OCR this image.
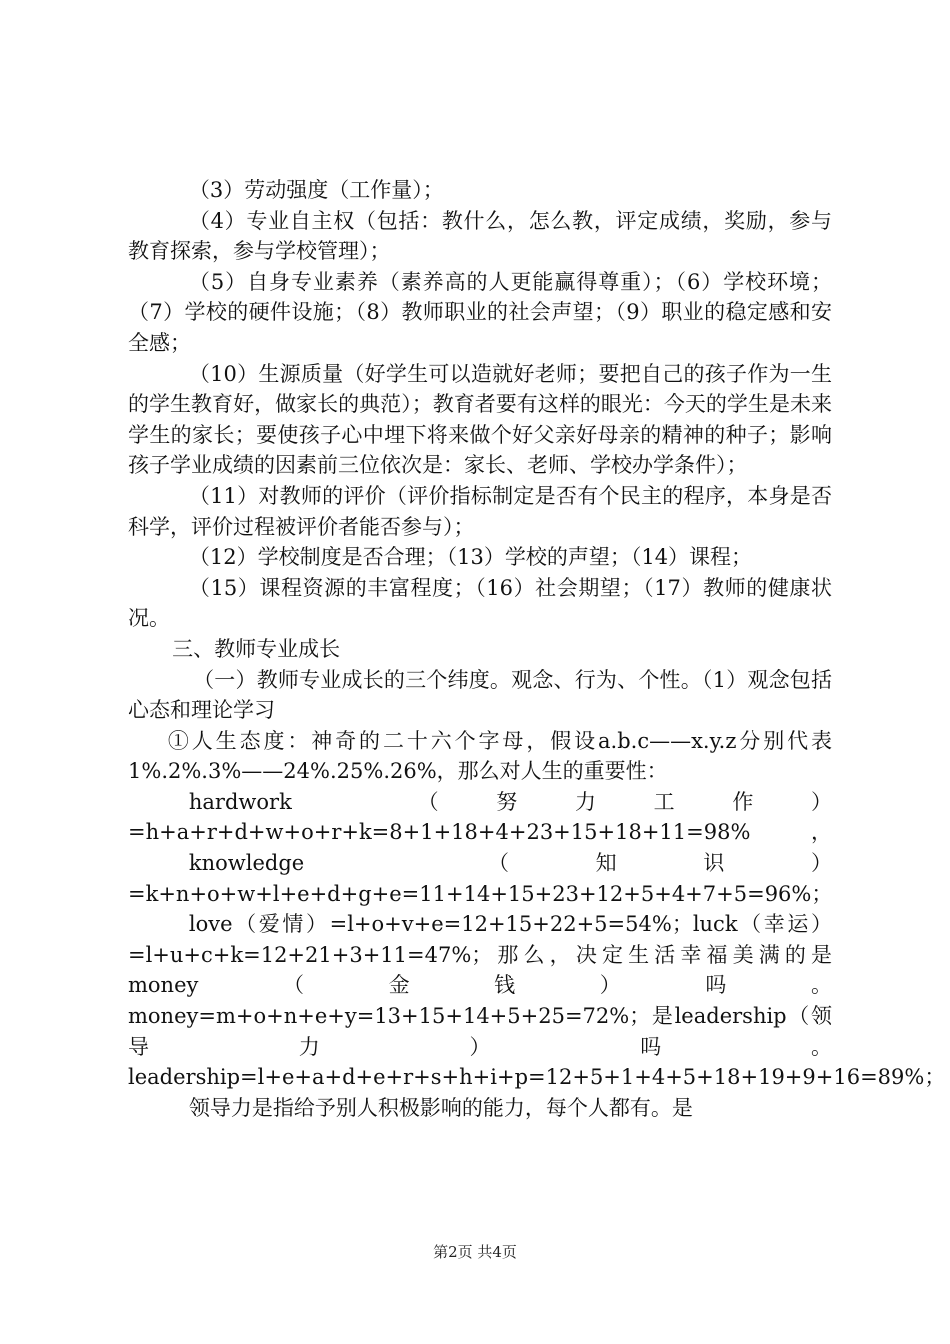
（3）劳动强度（工作量）；

（4）专业自主权（包括：教什么，怎么教，评定成绩，奖励，参与教育探索，参与学校管理）；

（5）自身专业素养（素养高的人更能赢得尊重）；（6）学校环境；（7）学校的硬件设施；（8）教师职业的社会声望；（9）职业的稳定感和安全感；

（10）生源质量（好学生可以造就好老师；要把自己的孩子作为一生的学生教育好，做家长的典范）；教育者要有这样的眼光：今天的学生是未来学生的家长；要使孩子心中埋下将来做个好父亲好母亲的精神的种子；影响孩子学业成绩的因素前三位依次是：家长、老师、学校办学条件）；

（11）对教师的评价（评价指标制定是否有个民主的程序，本身是否科学，评价过程被评价者能否参与）；

（12）学校制度是否合理；（13）学校的声望；（14）课程；

（15）课程资源的丰富程度；（16）社会期望；（17）教师的健康状况。

三、教师专业成长

（一）教师专业成长的三个纬度。观念、行为、个性。（1）观念包括心态和理论学习

①人生态度：神奇的二十六个字母，假设a.b.c——x.y.z分别代表1%.2%.3%——24%.25%.26%，那么对人生的重要性：

hardwork　（努力工作）=h+a+r+d+w+o+r+k=8+1+18+4+23+15+18+11=98%，

knowledge　（知识）=k+n+o+w+l+e+d+g+e=11+14+15+23+12+5+4+7+5=96%；

love（爱情）=l+o+v+e=12+15+22+5=54%；luck（幸运）=l+u+c+k=12+21+3+11=47%；那么，决定生活幸福美满的是money（金钱）吗。money=m+o+n+e+y=13+15+14+5+25=72%；是leadership（领导力）吗。leadership=l+e+a+d+e+r+s+h+i+p=12+5+1+4+5+18+19+9+16=89%；

领导力是指给予别人积极影响的能力，每个人都有。是

第2页 共4页
